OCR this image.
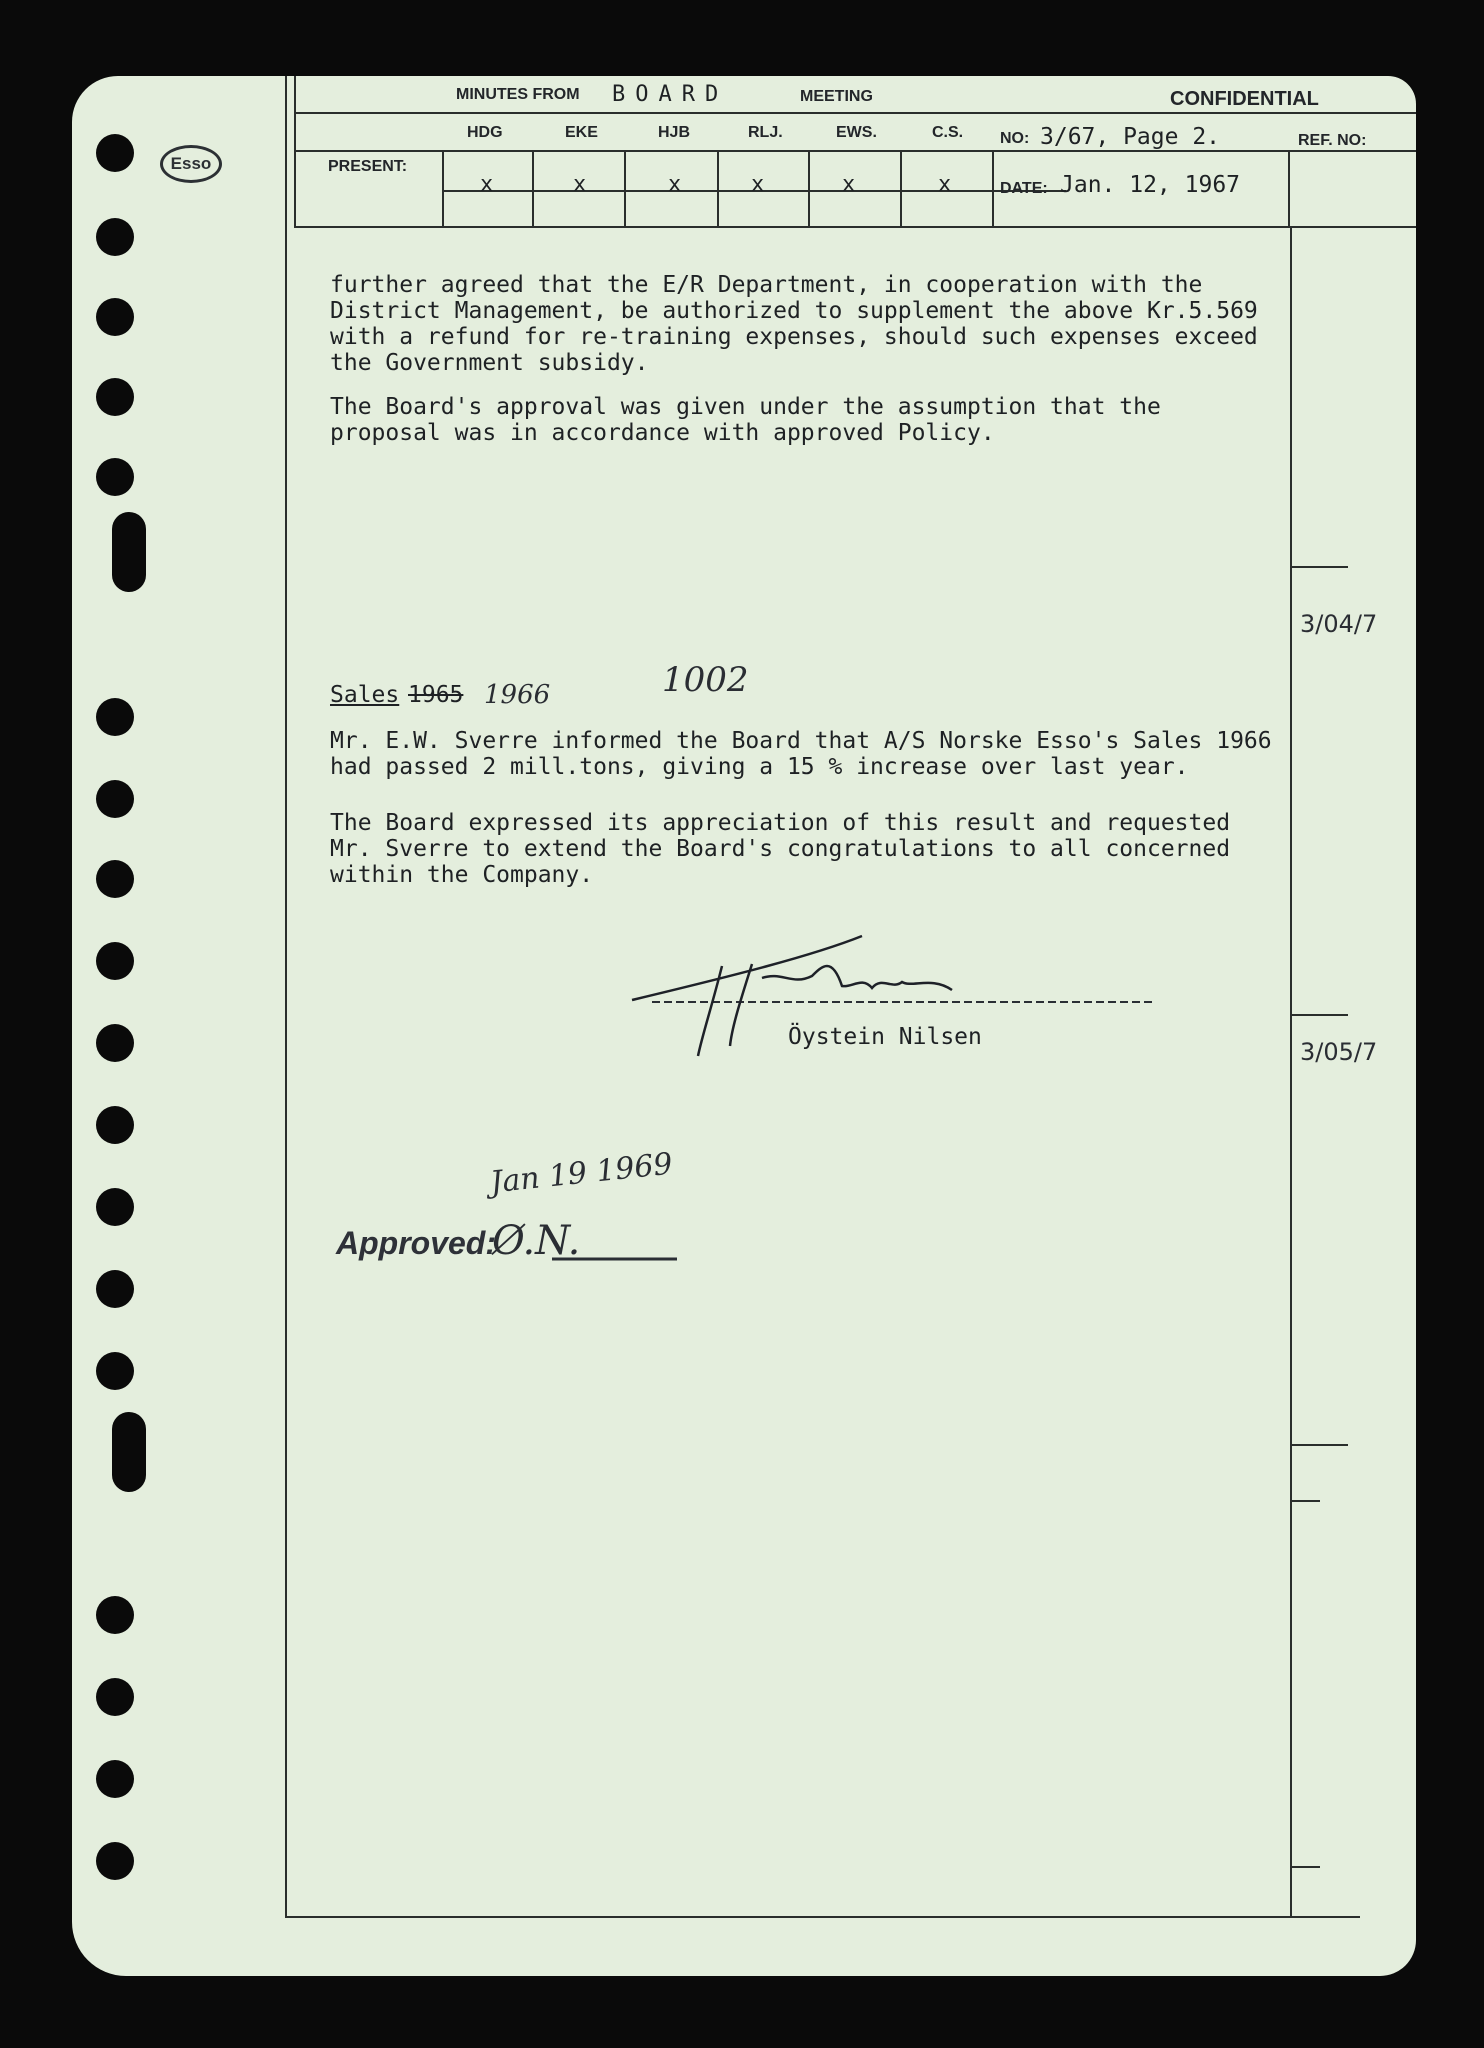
MINUTES FROM BOARD	MEETING	CONFIDENTIAL
PRESENT:
REF. NO:
HDG	EKE	HJB	RLJ.	EWS.	C.S.
x	x	x	x	x	x
NO: 3/67, Page 2.
DATE: Jan. 12, 1967
Esso
further agreed that the E/R Department, in cooperation with the
District Management, be authorized to supplement the above Kr.5.569
with a refund for re-training expenses, should such expenses exceed
the Government subsidy.
The Board's approval was given under the assumption that the
proposal was in accordance with approved Policy.
Sales 1965 1966	1002
Mr. E.W. Sverre informed the Board that A/S Norske Esso's Sales 1966
had passed 2 mill.tons, giving a 15 % increase over last year.
The Board expressed its appreciation of this result and requested
Mr. Sverre to extend the Board's congratulations to all concerned
within the Company.
Öystein Nilsen
3/04/7
3/05/7
Approved:
Ø.N.
Jan 19 1969
